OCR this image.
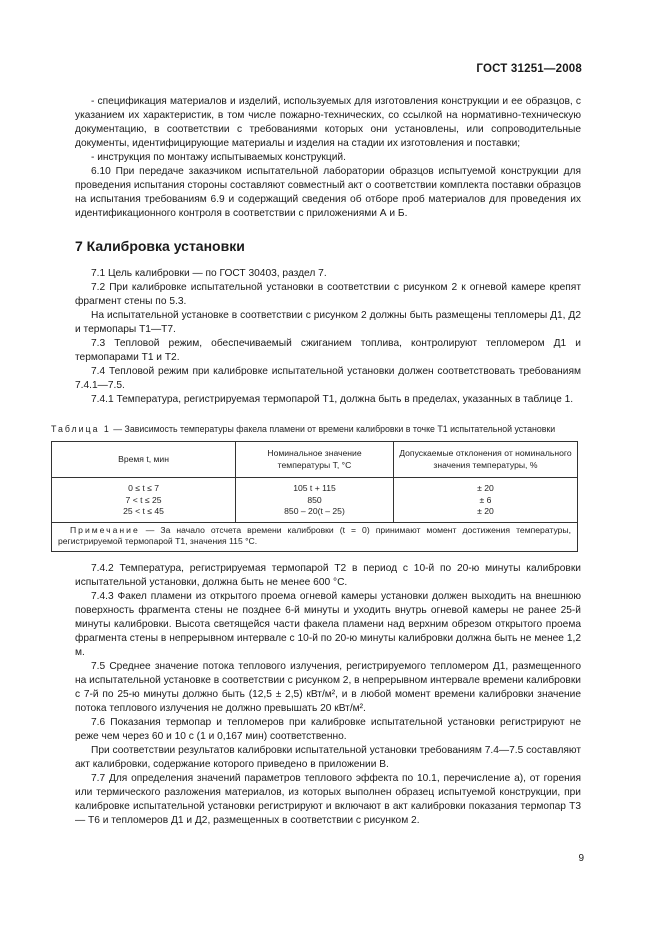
ГОСТ 31251—2008

- спецификация материалов и изделий, используемых для изготовления конструкции и ее образцов, с указанием их характеристик, в том числе пожарно-технических, со ссылкой на нормативно-техническую документацию, в соответствии с требованиями которых они установлены, или сопроводительные документы, идентифицирующие материалы и изделия на стадии их изготовления и поставки;

- инструкция по монтажу испытываемых конструкций.

6.10 При передаче заказчиком испытательной лаборатории образцов испытуемой конструкции для проведения испытания стороны составляют совместный акт о соответствии комплекта поставки образцов на испытания требованиям 6.9 и содержащий сведения об отборе проб материалов для проведения их идентификационного контроля в соответствии с приложениями А и Б.

7 Калибровка установки

7.1 Цель калибровки — по ГОСТ 30403, раздел 7.

7.2 При калибровке испытательной установки в соответствии с рисунком 2 к огневой камере крепят фрагмент стены по 5.3.

На испытательной установке в соответствии с рисунком 2 должны быть размещены тепломеры Д1, Д2 и термопары Т1—Т7.

7.3 Тепловой режим, обеспечиваемый сжиганием топлива, контролируют тепломером Д1 и термопарами Т1 и Т2.

7.4 Тепловой режим при калибровке испытательной установки должен соответствовать требованиям 7.4.1—7.5.

7.4.1 Температура, регистрируемая термопарой Т1, должна быть в пределах, указанных в таблице 1.

Таблица 1 — Зависимость температуры факела пламени от времени калибровки в точке Т1 испытательной установки
Время t, мин	Номинальное значение температуры T, °С	Допускаемые отклонения от номинального значения температуры, %
0 ≤ t ≤ 7	105 t + 115	± 20
7 < t ≤ 25	850	± 6
25 < t ≤ 45	850 – 20(t – 25)	± 20
Примечание — За начало отсчета времени калибровки (t = 0) принимают момент достижения температуры, регистрируемой термопарой Т1, значения 115 °С.		

7.4.2 Температура, регистрируемая термопарой Т2 в период с 10-й по 20-ю минуты калибровки испытательной установки, должна быть не менее 600 °С.

7.4.3 Факел пламени из открытого проема огневой камеры установки должен выходить на внешнюю поверхность фрагмента стены не позднее 6-й минуты и уходить внутрь огневой камеры не ранее 25-й минуты калибровки. Высота светящейся части факела пламени над верхним обрезом открытого проема фрагмента стены в непрерывном интервале с 10-й по 20-ю минуты калибровки должна быть не менее 1,2 м.

7.5 Среднее значение потока теплового излучения, регистрируемого тепломером Д1, размещенного на испытательной установке в соответствии с рисунком 2, в непрерывном интервале времени калибровки с 7-й по 25-ю минуты должно быть (12,5 ± 2,5) кВт/м², и в любой момент времени калибровки значение потока теплового излучения не должно превышать 20 кВт/м².

7.6 Показания термопар и тепломеров при калибровке испытательной установки регистрируют не реже чем через 60 и 10 с (1 и 0,167 мин) соответственно.

При соответствии результатов калибровки испытательной установки требованиям 7.4—7.5 составляют акт калибровки, содержание которого приведено в приложении В.

7.7 Для определения значений параметров теплового эффекта по 10.1, перечисление а), от горения или термического разложения материалов, из которых выполнен образец испытуемой конструкции, при калибровке испытательной установки регистрируют и включают в акт калибровки показания термопар Т3 — Т6 и тепломеров Д1 и Д2, размещенных в соответствии с рисунком 2.

9
